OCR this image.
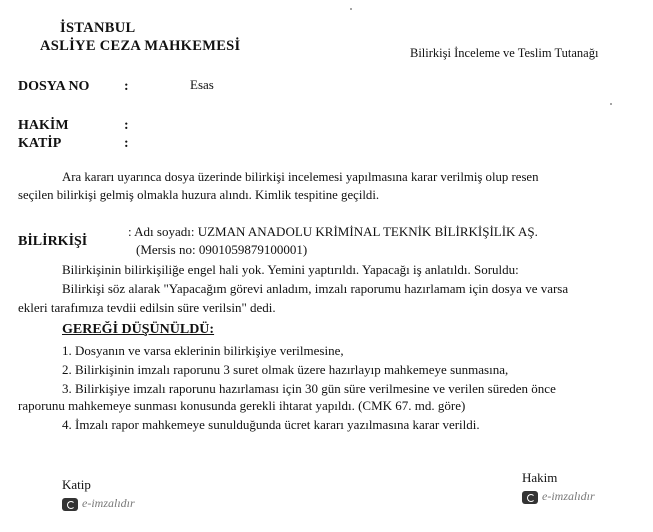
İSTANBUL
ASLİYE CEZA MAHKEMESİ	Bilirkişi İnceleme ve Teslim Tutanağı
DOSYA NO :	Esas
HAKİM	:
KATİP	:
Ara kararı uyarınca dosya üzerinde bilirkişi incelemesi yapılmasına karar verilmiş olup resen
seçilen bilirkişi gelmiş olmakla huzura alındı. Kimlik tespitine geçildi.
BİLİRKİŞİ
: Adı soyadı: UZMAN ANADOLU KRİMİNAL TEKNİK BİLİRKİŞİLİK AŞ.
(Mersis no: 0901059879100001)
Bilirkişinin bilirkişiliğe engel hali yok. Yemini yaptırıldı. Yapacağı iş anlatıldı. Soruldu:
Bilirkişi söz alarak "Yapacağım görevi anladım, imzalı raporumu hazırlamam için dosya ve varsa
ekleri tarafımıza tevdii edilsin süre verilsin" dedi.
GEREĞİ DÜŞÜNÜLDÜ:
1. Dosyanın ve varsa eklerinin bilirkişiye verilmesine,
2. Bilirkişinin imzalı raporunu 3 suret olmak üzere hazırlayıp mahkemeye sunmasına,
3. Bilirkişiye imzalı raporunu hazırlaması için 30 gün süre verilmesine ve verilen süreden önce
raporunu mahkemeye sunması konusunda gerekli ihtarat yapıldı. (CMK 67. md. göre)
4. İmzalı rapor mahkemeye sunulduğunda ücret kararı yazılmasına karar verildi.
Katip
e-imzalıdır
Hakim
e-imzalıdır
